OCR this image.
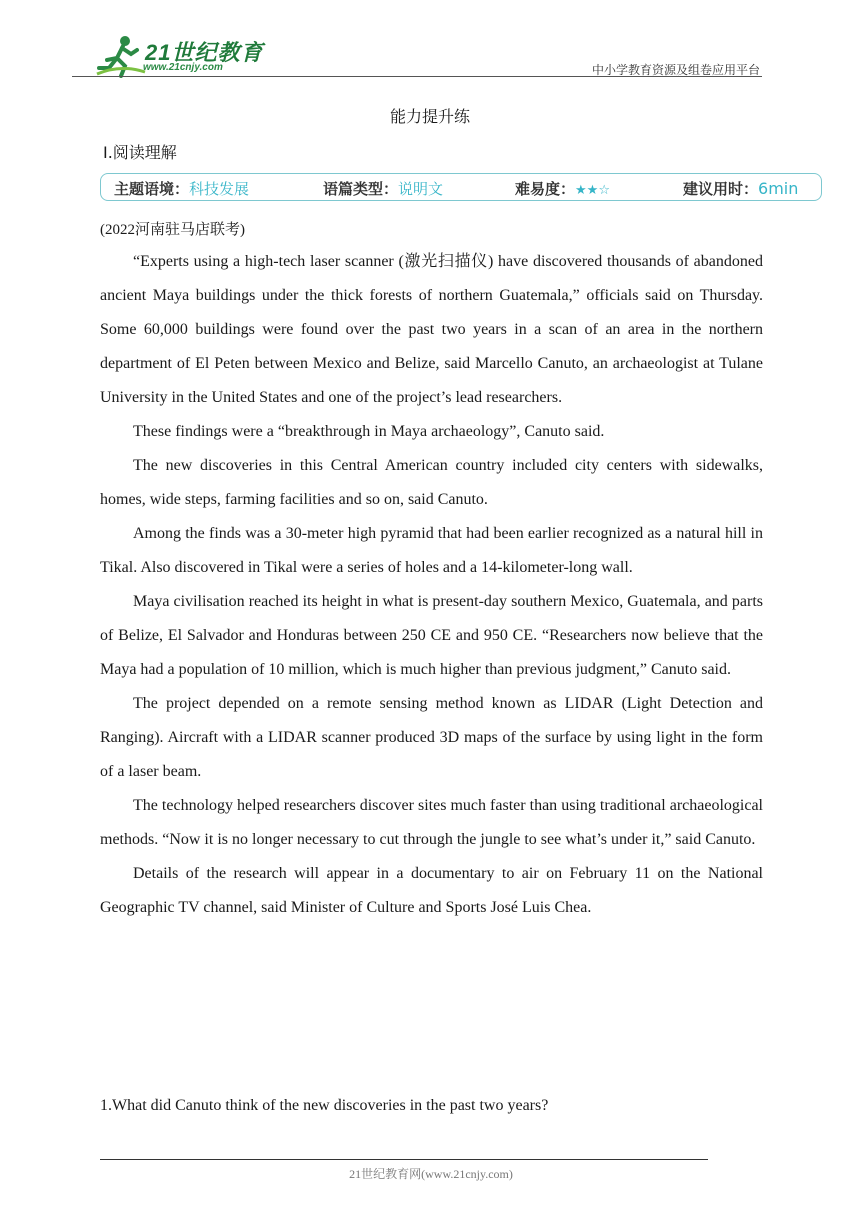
21世纪教育
www.21cnjy.com	中小学教育资源及组卷应用平台
能力提升练
Ⅰ.阅读理解
主题语境：科技发展	语篇类型：说明文	难易度：★★☆	建议用时：6min
(2022河南驻马店联考)

“Experts using a high-tech laser scanner (激光扫描仪) have discovered thousands of abandoned ancient Maya buildings under the thick forests of northern Guatemala,” officials said on Thursday. Some 60,000 buildings were found over the past two years in a scan of an area in the northern department of El Peten between Mexico and Belize, said Marcello Canuto, an archaeologist at Tulane University in the United States and one of the project’s lead researchers.

These findings were a “breakthrough in Maya archaeology”, Canuto said.

The new discoveries in this Central American country included city centers with sidewalks, homes, wide steps, farming facilities and so on, said Canuto.

Among the finds was a 30-meter high pyramid that had been earlier recognized as a natural hill in Tikal. Also discovered in Tikal were a series of holes and a 14-kilometer-long wall.

Maya civilisation reached its height in what is present-day southern Mexico, Guatemala, and parts of Belize, El Salvador and Honduras between 250 CE and 950 CE. “Researchers now believe that the Maya had a population of 10 million, which is much higher than previous judgment,” Canuto said.

The project depended on a remote sensing method known as LIDAR (Light Detection and Ranging). Aircraft with a LIDAR scanner produced 3D maps of the surface by using light in the form of a laser beam.

The technology helped researchers discover sites much faster than using traditional archaeological methods. “Now it is no longer necessary to cut through the jungle to see what’s under it,” said Canuto.

Details of the research will appear in a documentary to air on February 11 on the National Geographic TV channel, said Minister of Culture and Sports José Luis Chea.

1.What did Canuto think of the new discoveries in the past two years?
21世纪教育网(www.21cnjy.com)
